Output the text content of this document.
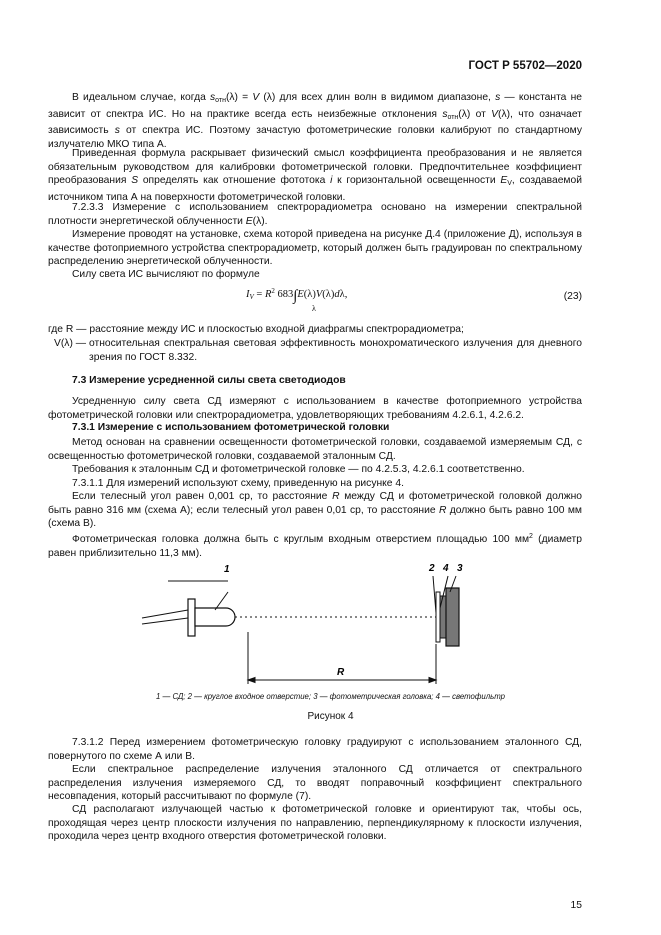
ГОСТ Р 55702—2020
В идеальном случае, когда $s_{отн}(\lambda) = V$ (λ) для всех длин волн в видимом диапазоне, s — константа не зависит от спектра ИС. Но на практике всегда есть неизбежные отклонения $s_{отн}(\lambda)$ от V(λ), что означает зависимость s от спектра ИС. Поэтому зачастую фотометрические головки калибруют по стандартному излучателю МКО типа А.
Приведенная формула раскрывает физический смысл коэффициента преобразования и не является обязательным руководством для калибровки фотометрической головки. Предпочтительнее коэффициент преобразования S определять как отношение фототока i к горизонтальной освещенности $E_V$, создаваемой источником типа А на поверхности фотометрической головки.
7.2.3.3 Измерение с использованием спектрорадиометра основано на измерении спектральной плотности энергетической облученности E(λ).
Измерение проводят на установке, схема которой приведена на рисунке Д.4 (приложение Д), используя в качестве фотоприемного устройства спектрорадиометр, который должен быть градуирован по спектральному распределению энергетической облученности.
Силу света ИС вычисляют по формуле
$I_V = R^2$ 683∫E(λ)V(λ)dλ,
λ
(23)
где R — расстояние между ИС и плоскостью входной диафрагмы спектрорадиометра;
V(λ) — относительная спектральная световая эффективность монохроматического излучения для дневного зрения по ГОСТ 8.332.
7.3 Измерение усредненной силы света светодиодов
Усредненную силу света СД измеряют с использованием в качестве фотоприемного устройства фотометрической головки или спектрорадиометра, удовлетворяющих требованиям 4.2.6.1, 4.2.6.2.
7.3.1 Измерение с использованием фотометрической головки
Метод основан на сравнении освещенности фотометрической головки, создаваемой измеряемым СД, с освещенностью фотометрической головки, создаваемой эталонным СД.
Требования к эталонным СД и фотометрической головке — по 4.2.5.3, 4.2.6.1 соответственно.
7.3.1.1 Для измерений используют схему, приведенную на рисунке 4.
Если телесный угол равен 0,001 ср, то расстояние R между СД и фотометрической головкой должно быть равно 316 мм (схема А); если телесный угол равен 0,01 ср, то расстояние R должно быть равно 100 мм (схема В).
Фотометрическая головка должна быть с круглым входным отверстием площадью 100 $мм^2$ (диаметр равен приблизительно 11,3 мм).
1	2 4 3
R
1 — СД; 2 — круглое входное отверстие; 3 — фотометрическая головка; 4 — светофильтр
Рисунок 4
7.3.1.2 Перед измерением фотометрическую головку градуируют с использованием эталонного СД, повернутого по схеме А или В.
Если спектральное распределение излучения эталонного СД отличается от спектрального распределения излучения измеряемого СД, то вводят поправочный коэффициент спектрального несовпадения, который рассчитывают по формуле (7).
СД располагают излучающей частью к фотометрической головке и ориентируют так, чтобы ось, проходящая через центр плоскости излучения по направлению, перпендикулярному к плоскости излучения, проходила через центр входного отверстия фотометрической головки.
15
